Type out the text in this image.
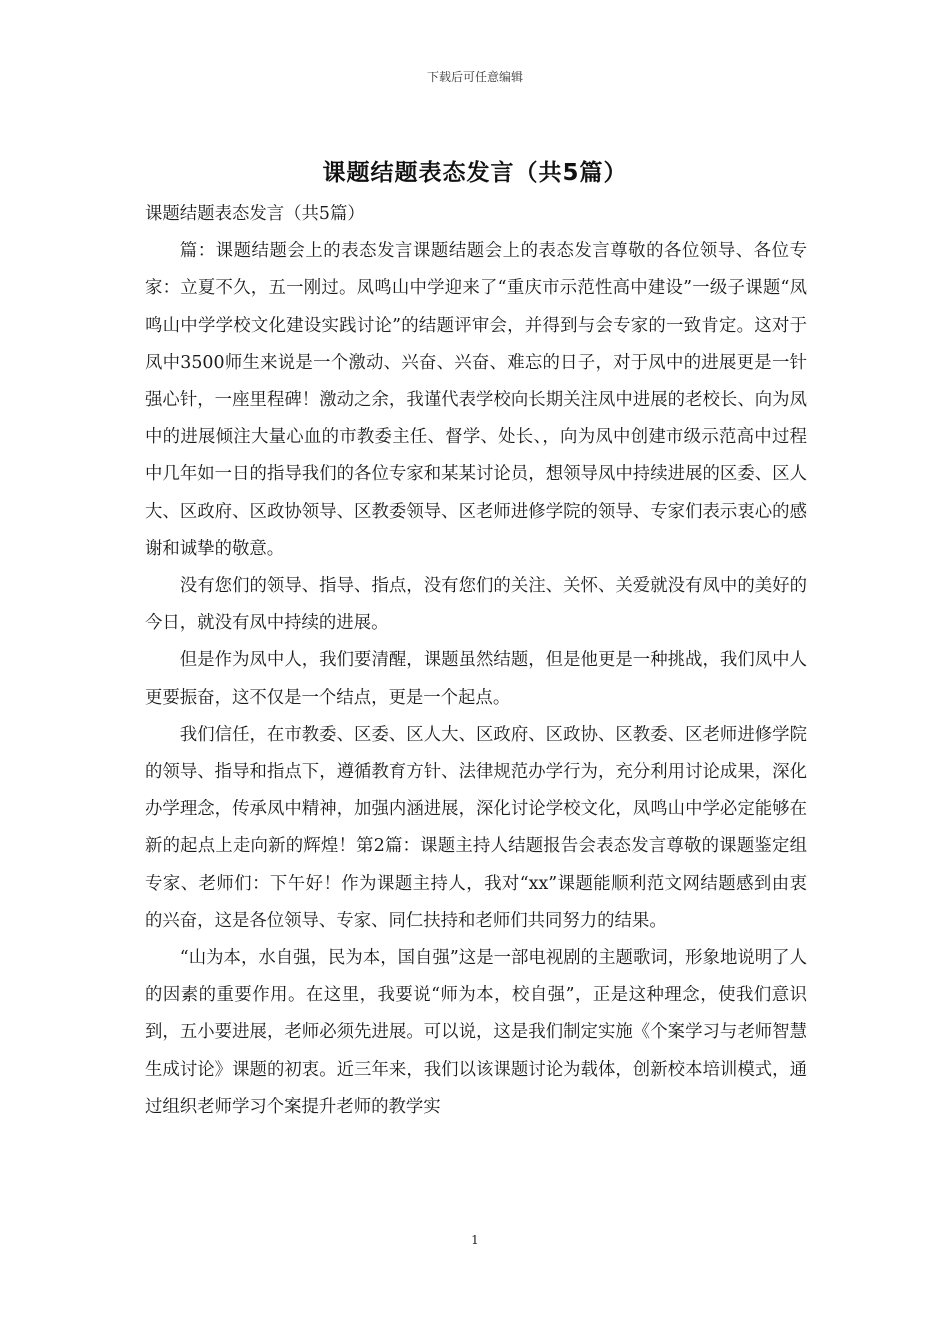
下载后可任意编辑
课题结题表态发言（共5篇）

课题结题表态发言（共5篇）

篇：课题结题会上的表态发言课题结题会上的表态发言尊敬的各位领导、各位专家：立夏不久，五一刚过。凤鸣山中学迎来了“重庆市示范性高中建设”一级子课题“凤鸣山中学学校文化建设实践讨论”的结题评审会，并得到与会专家的一致肯定。这对于凤中3500师生来说是一个激动、兴奋、兴奋、难忘的日子，对于凤中的进展更是一针强心针，一座里程碑！激动之余，我谨代表学校向长期关注凤中进展的老校长、向为凤中的进展倾注大量心血的市教委主任、督学、处长、，向为凤中创建市级示范高中过程中几年如一日的指导我们的各位专家和某某讨论员，想领导凤中持续进展的区委、区人大、区政府、区政协领导、区教委领导、区老师进修学院的领导、专家们表示衷心的感谢和诚挚的敬意。

没有您们的领导、指导、指点，没有您们的关注、关怀、关爱就没有凤中的美好的今日，就没有凤中持续的进展。

但是作为凤中人，我们要清醒，课题虽然结题，但是他更是一种挑战，我们凤中人更要振奋，这不仅是一个结点，更是一个起点。

我们信任，在市教委、区委、区人大、区政府、区政协、区教委、区老师进修学院的领导、指导和指点下，遵循教育方针、法律规范办学行为，充分利用讨论成果，深化办学理念，传承凤中精神，加强内涵进展，深化讨论学校文化，凤鸣山中学必定能够在新的起点上走向新的辉煌！第2篇：课题主持人结题报告会表态发言尊敬的课题鉴定组专家、老师们：下午好！作为课题主持人，我对“xx”课题能顺利范文网结题感到由衷的兴奋，这是各位领导、专家、同仁扶持和老师们共同努力的结果。

“山为本，水自强，民为本，国自强”这是一部电视剧的主题歌词，形象地说明了人的因素的重要作用。在这里，我要说“师为本，校自强”，正是这种理念，使我们意识到，五小要进展，老师必须先进展。可以说，这是我们制定实施《个案学习与老师智慧生成讨论》课题的初衷。近三年来，我们以该课题讨论为载体，创新校本培训模式，通过组织老师学习个案提升老师的教学实

1
